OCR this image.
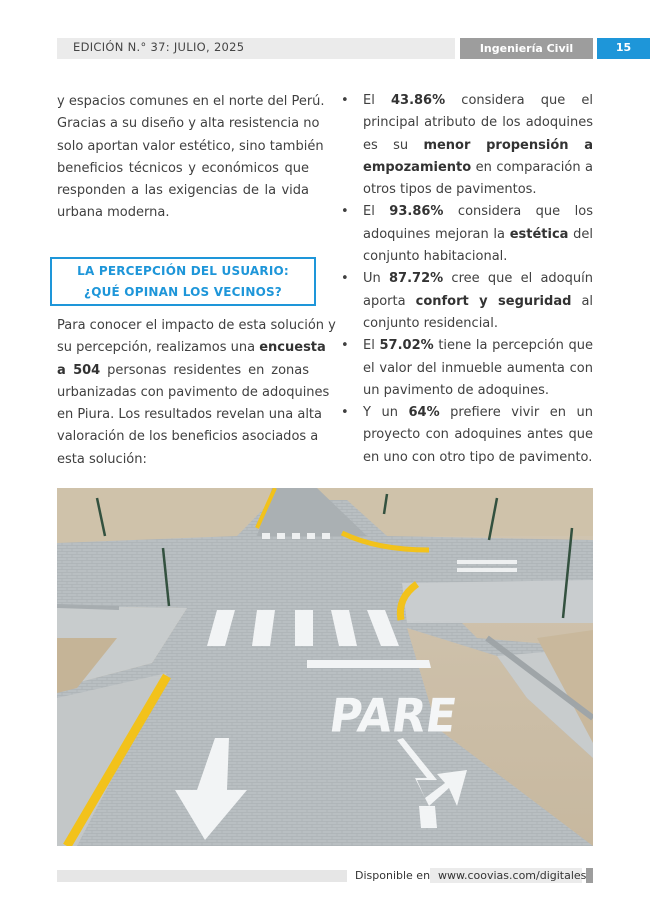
EDICIÓN N.° 37: JULIO, 2025	Ingeniería Civil	15
y espacios comunes en el norte del Perú.
Gracias a su diseño y alta resistencia no
solo aportan valor estético, sino también
beneficios técnicos y económicos que
responden a las exigencias de la vida
urbana moderna.
LA PERCEPCIÓN DEL USUARIO:
¿QUÉ OPINAN LOS VECINOS?
Para conocer el impacto de esta solución y
su percepción, realizamos una encuesta
a 504 personas residentes en zonas
urbanizadas con pavimento de adoquines
en Piura. Los resultados revelan una alta
valoración de los beneficios asociados a
esta solución:
• El 43.86% considera que el principal atributo de los adoquines es su menor propensión a empozamiento en comparación a otros tipos de pavimentos.
• El 93.86% considera que los adoquines mejoran la estética del conjunto habitacional.
• Un 87.72% cree que el adoquín aporta confort y seguridad al conjunto residencial.
• El 57.02% tiene la percepción que el valor del inmueble aumenta con un pavimento de adoquines.
• Y un 64% prefiere vivir en un proyecto con adoquines antes que en uno con otro tipo de pavimento.
PARE
Disponible en www.coovias.com/digitales
